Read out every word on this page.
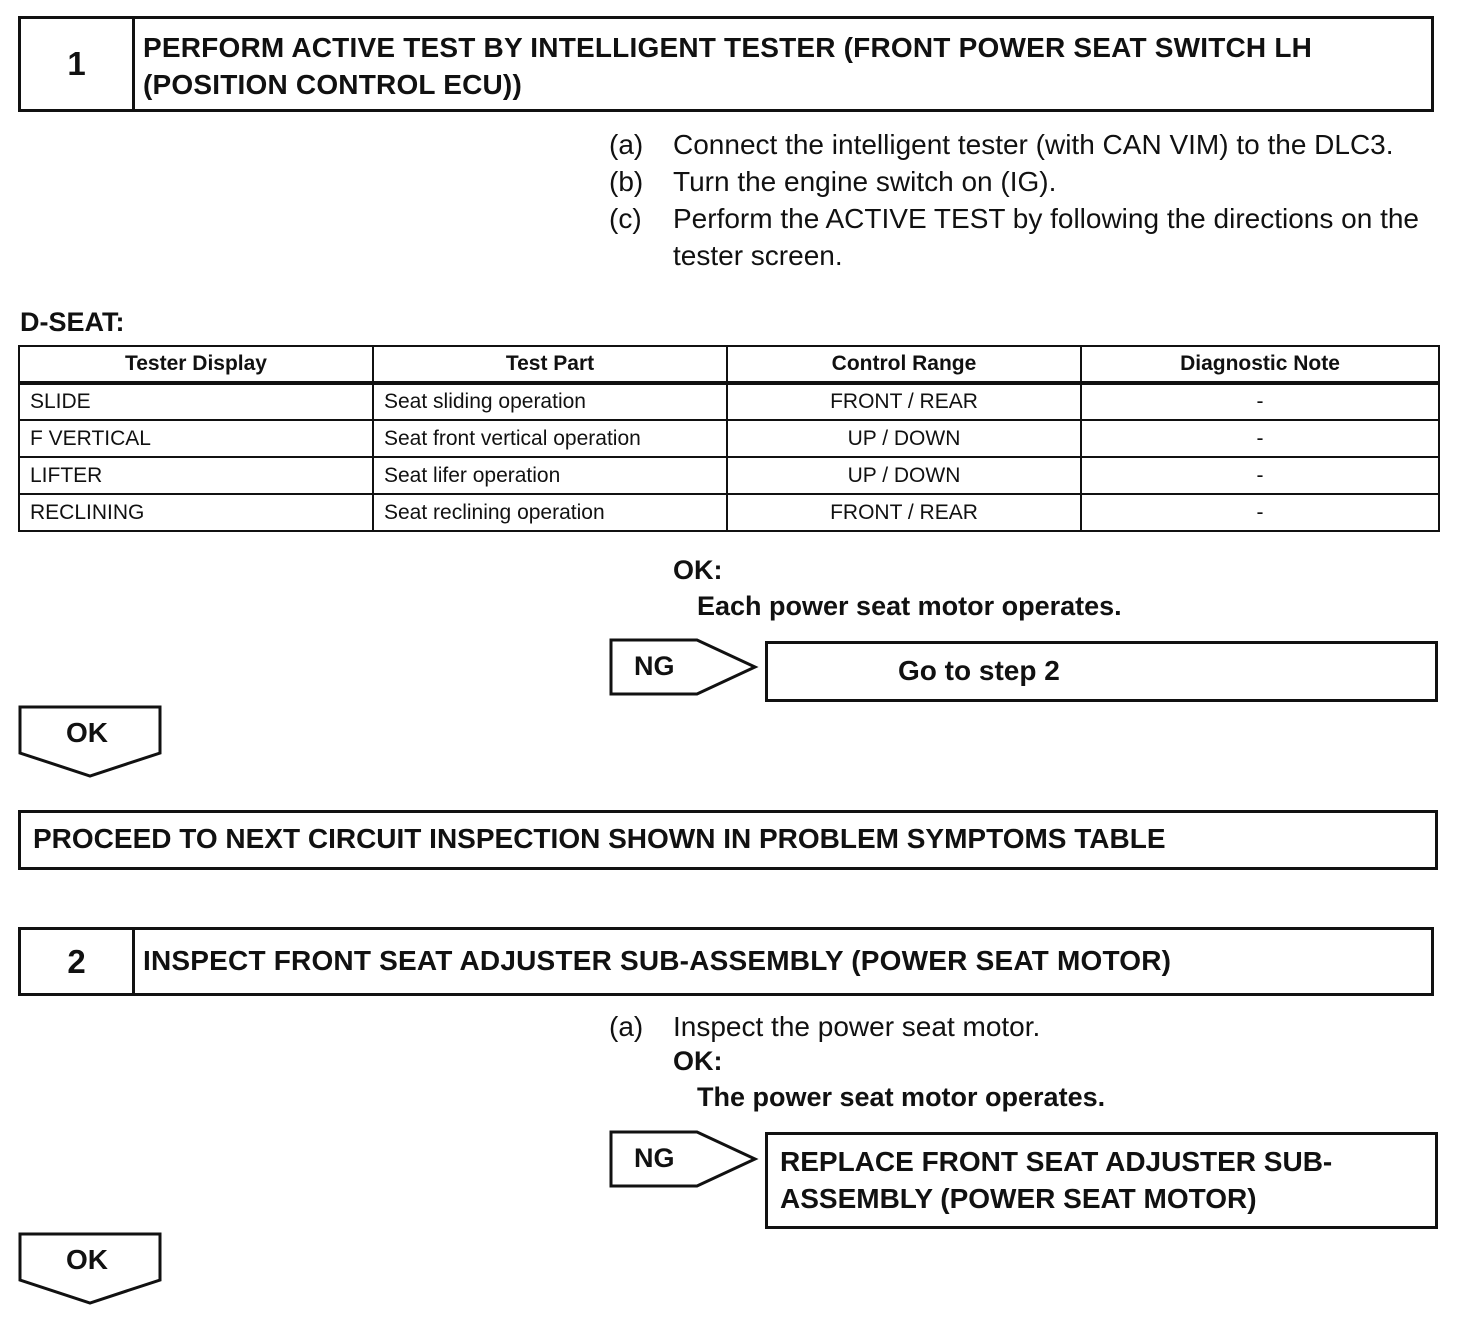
1	PERFORM ACTIVE TEST BY INTELLIGENT TESTER (FRONT POWER SEAT SWITCH LH (POSITION CONTROL ECU))
(a)	Connect the intelligent tester (with CAN VIM) to the DLC3.
(b)	Turn the engine switch on (IG).
(c)	Perform the ACTIVE TEST by following the directions on the tester screen.
D-SEAT:
Tester Display	Test Part	Control Range	Diagnostic Note
SLIDE	Seat sliding operation	FRONT / REAR	-
F VERTICAL	Seat front vertical operation	UP / DOWN	-
LIFTER	Seat lifer operation	UP / DOWN	-
RECLINING	Seat reclining operation	FRONT / REAR	-
OK:
Each power seat motor operates.
NG	Go to step 2
OK
PROCEED TO NEXT CIRCUIT INSPECTION SHOWN IN PROBLEM SYMPTOMS TABLE
2	INSPECT FRONT SEAT ADJUSTER SUB-ASSEMBLY (POWER SEAT MOTOR)
(a)	Inspect the power seat motor.
OK:
The power seat motor operates.
NG	REPLACE FRONT SEAT ADJUSTER SUB-ASSEMBLY (POWER SEAT MOTOR)
OK
